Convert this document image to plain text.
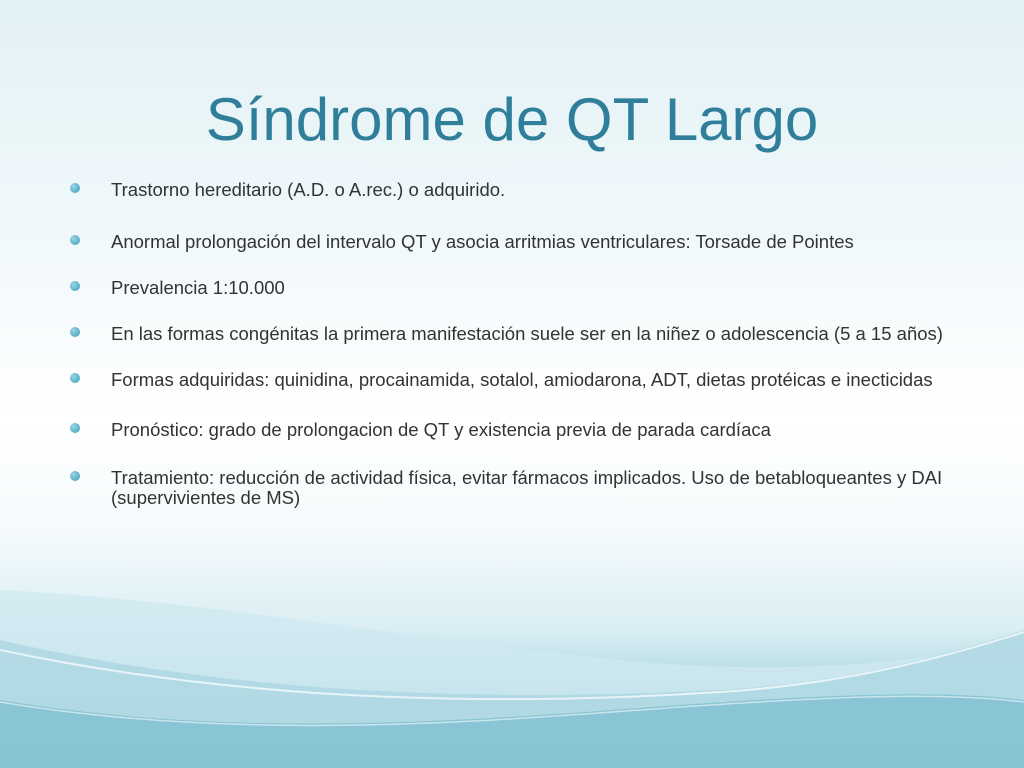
Síndrome de QT Largo
Trastorno hereditario (A.D. o A.rec.) o adquirido.
Anormal prolongación del intervalo QT y asocia arritmias ventriculares: Torsade de Pointes
Prevalencia 1:10.000
En las formas congénitas la primera manifestación suele ser en la niñez o adolescencia (5 a 15 años)
Formas adquiridas: quinidina, procainamida, sotalol, amiodarona, ADT, dietas protéicas e inecticidas
Pronóstico: grado de prolongacion de QT y existencia previa de parada cardíaca
Tratamiento: reducción de actividad física, evitar fármacos implicados. Uso de betabloqueantes y DAI (supervivientes de MS)
